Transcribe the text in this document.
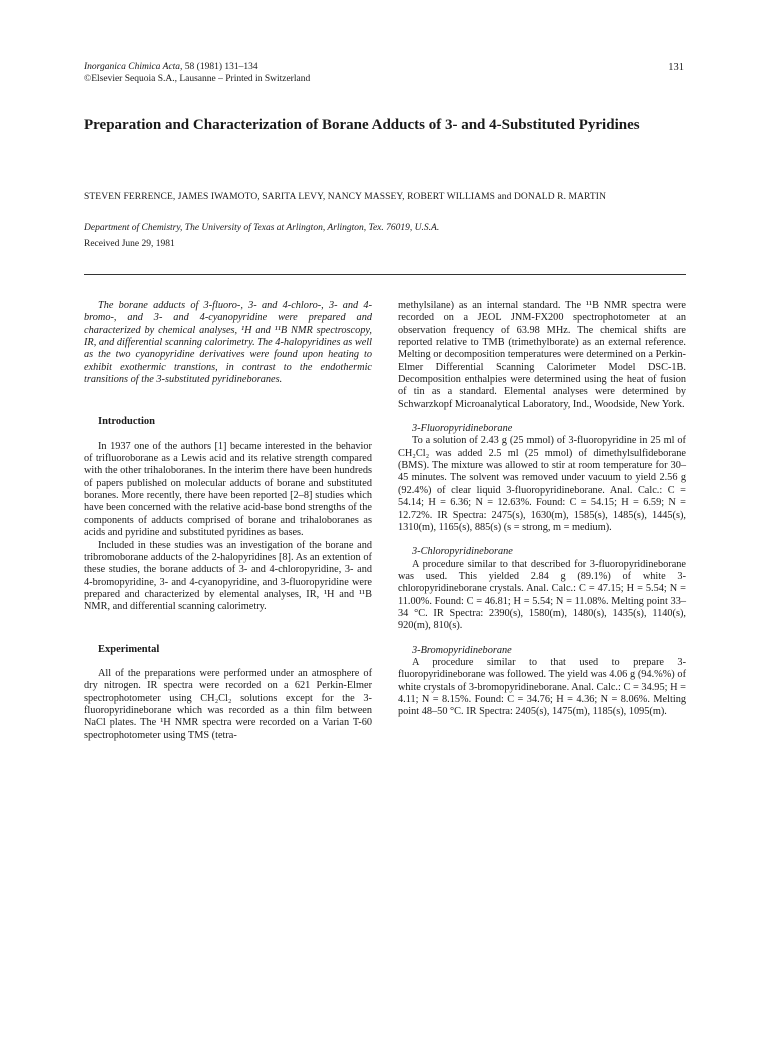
Inorganica Chimica Acta, 58 (1981) 131–134
©Elsevier Sequoia S.A., Lausanne – Printed in Switzerland
131
Preparation and Characterization of Borane Adducts of 3- and 4-Substituted Pyridines
STEVEN FERRENCE, JAMES IWAMOTO, SARITA LEVY, NANCY MASSEY, ROBERT WILLIAMS and DONALD R. MARTIN
Department of Chemistry, The University of Texas at Arlington, Arlington, Tex. 76019, U.S.A.
Received June 29, 1981

The borane adducts of 3-fluoro-, 3- and 4-chloro-, 3- and 4-bromo-, and 3- and 4-cyanopyridine were prepared and characterized by chemical analyses, ¹H and ¹¹B NMR spectroscopy, IR, and differential scanning calorimetry. The 4-halopyridines as well as the two cyanopyridine derivatives were found upon heating to exhibit exothermic transtions, in contrast to the endothermic transitions of the 3-substituted pyridineboranes.

Introduction

In 1937 one of the authors [1] became interested in the behavior of trifluoroborane as a Lewis acid and its relative strength compared with the other trihaloboranes. In the interim there have been hundreds of papers published on molecular adducts of borane and substituted boranes. More recently, there have been reported [2–8] studies which have been concerned with the relative acid-base bond strengths of the components of adducts comprised of borane and trihaloboranes as acids and pyridine and substituted pyridines as bases.

Included in these studies was an investigation of the borane and tribromoborane adducts of the 2-halopyridines [8]. As an extention of these studies, the borane adducts of 3- and 4-chloropyridine, 3- and 4-bromopyridine, 3- and 4-cyanopyridine, and 3-fluoropyridine were prepared and characterized by elemental analyses, IR, ¹H and ¹¹B NMR, and differential scanning calorimetry.

Experimental

All of the preparations were performed under an atmosphere of dry nitrogen. IR spectra were recorded on a 621 Perkin-Elmer spectrophotometer using CH₂Cl₂ solutions except for the 3-fluoropyridineborane which was recorded as a thin film between NaCl plates. The ¹H NMR spectra were recorded on a Varian T-60 spectrophotometer using TMS (tetra-

methylsilane) as an internal standard. The ¹¹B NMR spectra were recorded on a JEOL JNM-FX200 spectrophotometer at an observation frequency of 63.98 MHz. The chemical shifts are reported relative to TMB (trimethylborate) as an external reference. Melting or decomposition temperatures were determined on a Perkin-Elmer Differential Scanning Calorimeter Model DSC-1B. Decomposition enthalpies were determined using the heat of fusion of tin as a standard. Elemental analyses were determined by Schwarzkopf Microanalytical Laboratory, Ind., Woodside, New York.

3-Fluoropyridineborane

To a solution of 2.43 g (25 mmol) of 3-fluoropyridine in 25 ml of CH₂Cl₂ was added 2.5 ml (25 mmol) of dimethylsulfideborane (BMS). The mixture was allowed to stir at room temperature for 30–45 minutes. The solvent was removed under vacuum to yield 2.56 g (92.4%) of clear liquid 3-fluoropyridineborane. Anal. Calc.: C = 54.14; H = 6.36; N = 12.63%. Found: C = 54.15; H = 6.59; N = 12.72%. IR Spectra: 2475(s), 1630(m), 1585(s), 1485(s), 1445(s), 1310(m), 1165(s), 885(s) (s = strong, m = medium).

3-Chloropyridineborane

A procedure similar to that described for 3-fluoropyridineborane was used. This yielded 2.84 g (89.1%) of white 3-chloropyridineborane crystals. Anal. Calc.: C = 47.15; H = 5.54; N = 11.00%. Found: C = 46.81; H = 5.54; N = 11.08%. Melting point 33–34 °C. IR Spectra: 2390(s), 1580(m), 1480(s), 1435(s), 1140(s), 920(m), 810(s).

3-Bromopyridineborane

A procedure similar to that used to prepare 3-fluoropyridineborane was followed. The yield was 4.06 g (94.%%) of white crystals of 3-bromopyridineborane. Anal. Calc.: C = 34.95; H = 4.11; N = 8.15%. Found: C = 34.76; H = 4.36; N = 8.06%. Melting point 48–50 °C. IR Spectra: 2405(s), 1475(m), 1185(s), 1095(m).
